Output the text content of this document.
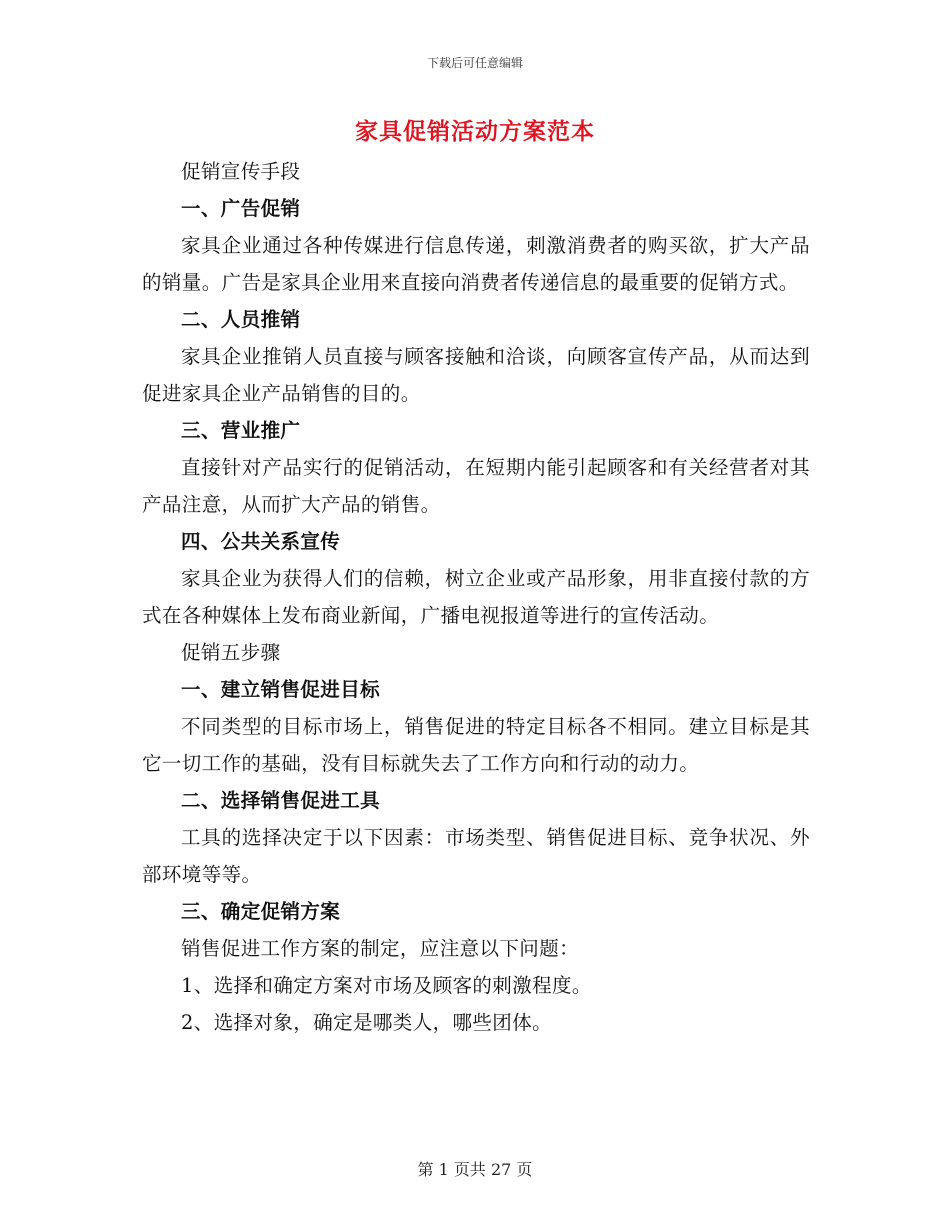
下载后可任意编辑
家具促销活动方案范本

促销宣传手段

一、广告促销

家具企业通过各种传媒进行信息传递，刺激消费者的购买欲，扩大产品的销量。广告是家具企业用来直接向消费者传递信息的最重要的促销方式。

二、人员推销

家具企业推销人员直接与顾客接触和洽谈，向顾客宣传产品，从而达到促进家具企业产品销售的目的。

三、营业推广

直接针对产品实行的促销活动，在短期内能引起顾客和有关经营者对其产品注意，从而扩大产品的销售。

四、公共关系宣传

家具企业为获得人们的信赖，树立企业或产品形象，用非直接付款的方式在各种媒体上发布商业新闻，广播电视报道等进行的宣传活动。

促销五步骤

一、建立销售促进目标

不同类型的目标市场上，销售促进的特定目标各不相同。建立目标是其它一切工作的基础，没有目标就失去了工作方向和行动的动力。

二、选择销售促进工具

工具的选择决定于以下因素：市场类型、销售促进目标、竞争状况、外部环境等等。

三、确定促销方案

销售促进工作方案的制定，应注意以下问题：

1、选择和确定方案对市场及顾客的刺激程度。

2、选择对象，确定是哪类人，哪些团体。

第 1 页共 27 页
